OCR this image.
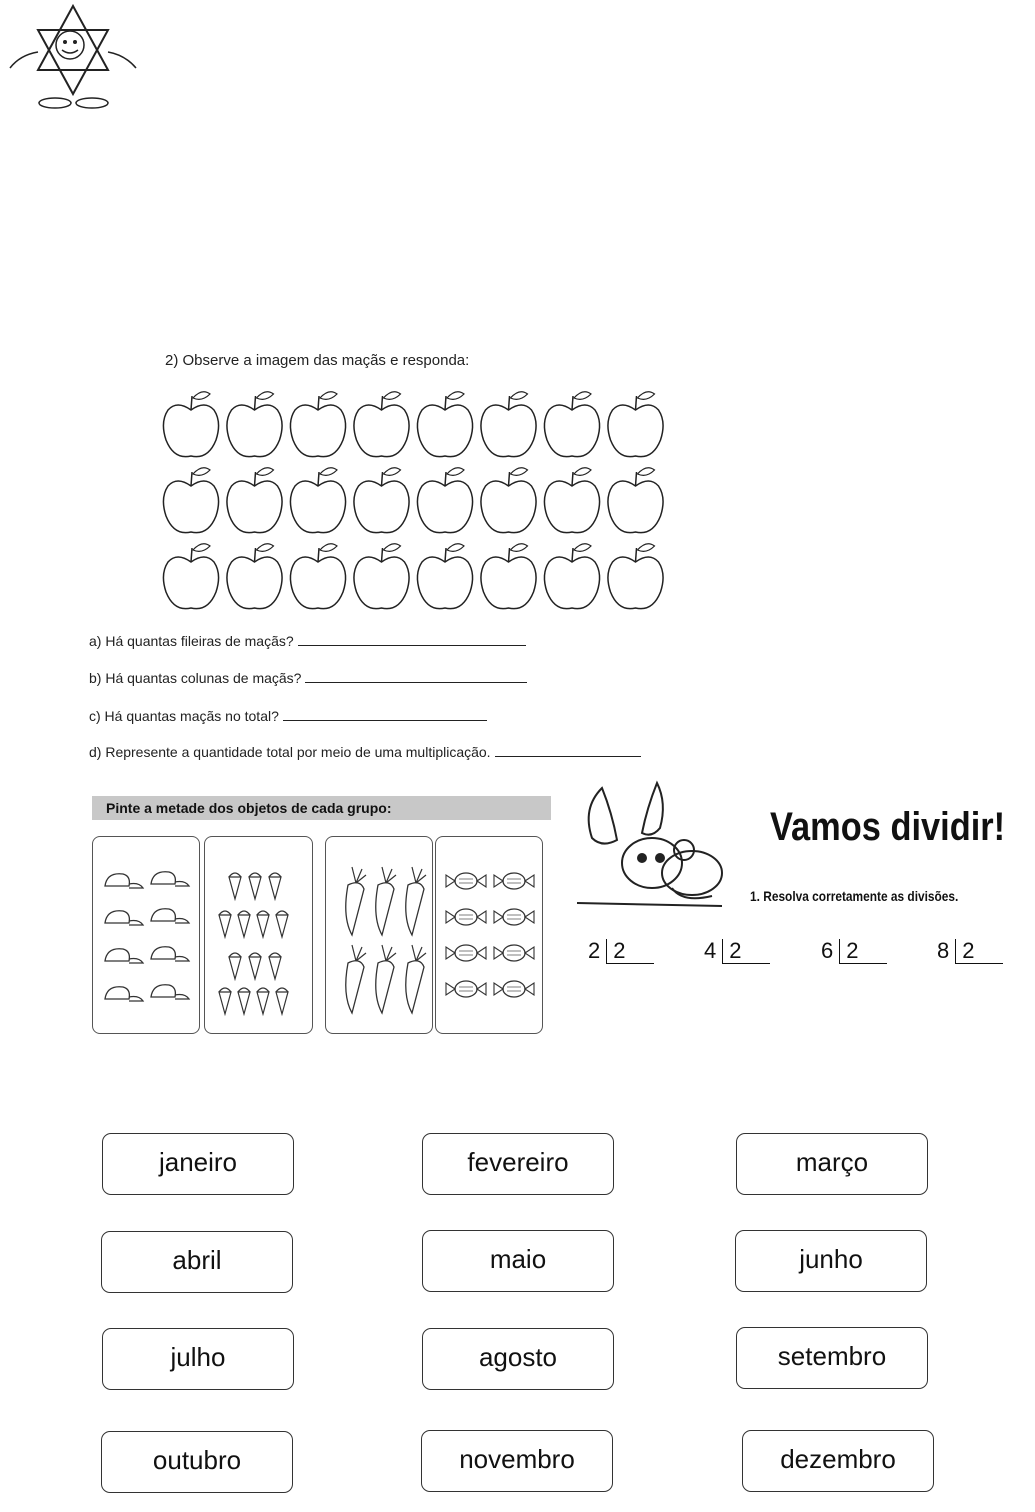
2) Observe a imagem das maçãs e responda:
a) Há quantas fileiras de maçãs?
b) Há quantas colunas de maçãs?
c) Há quantas maçãs no total?
d) Represente a quantidade total por meio de uma multiplicação.
Pinte a metade dos objetos de cada grupo:	Vamos dividir!
1. Resolva corretamente as divisões.
2 2	4 2	6 2	8 2
janeiro	fevereiro	março
abril	maio	junho
julho	agosto	setembro
outubro	novembro	dezembro
